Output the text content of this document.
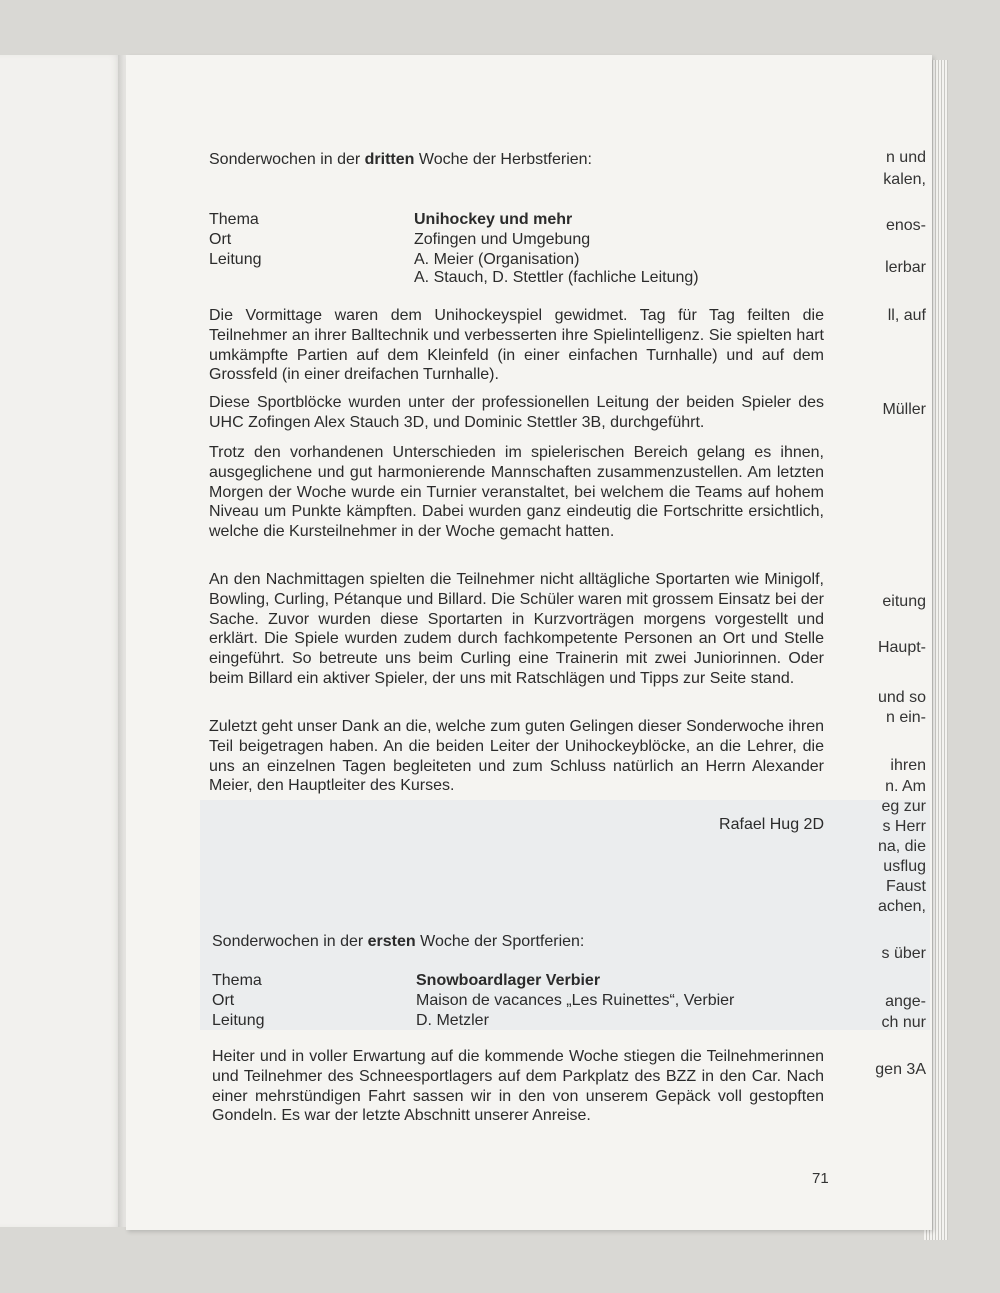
n und
kalen,
enos-
lerbar
ll, auf
Müller
eitung
Haupt-
und so
n ein-
ihren
n. Am
eg zur
s Herr
na, die
usflug
Faust
achen,
s über
ange-
ch nur
gen 3A
Sonderwochen in der dritten Woche der Herbstferien:
Thema
Ort
Leitung
Unihockey und mehr
Zofingen und Umgebung
A. Meier (Organisation)
A. Stauch, D. Stettler (fachliche Leitung)

Die Vormittage waren dem Unihockeyspiel gewidmet. Tag für Tag feilten die Teilnehmer an ihrer Balltechnik und verbesserten ihre Spielintelligenz. Sie spielten hart umkämpfte Partien auf dem Kleinfeld (in einer einfachen Turnhalle) und auf dem Grossfeld (in einer dreifachen Turnhalle).

Diese Sportblöcke wurden unter der professionellen Leitung der beiden Spieler des UHC Zofingen Alex Stauch 3D, und Dominic Stettler 3B, durchgeführt.

Trotz den vorhandenen Unterschieden im spielerischen Bereich gelang es ihnen, ausgeglichene und gut harmonierende Mannschaften zusammenzustellen. Am letzten Morgen der Woche wurde ein Turnier veranstaltet, bei welchem die Teams auf hohem Niveau um Punkte kämpften. Dabei wurden ganz eindeutig die Fortschritte ersichtlich, welche die Kursteilnehmer in der Woche gemacht hatten.

An den Nachmittagen spielten die Teilnehmer nicht alltägliche Sportarten wie Minigolf, Bowling, Curling, Pétanque und Billard. Die Schüler waren mit grossem Einsatz bei der Sache. Zuvor wurden diese Sportarten in Kurzvorträgen morgens vorgestellt und erklärt. Die Spiele wurden zudem durch fachkompetente Personen an Ort und Stelle eingeführt. So betreute uns beim Curling eine Trainerin mit zwei Juniorinnen. Oder beim Billard ein aktiver Spieler, der uns mit Ratschlägen und Tipps zur Seite stand.

Zuletzt geht unser Dank an die, welche zum guten Gelingen dieser Sonderwoche ihren Teil beigetragen haben. An die beiden Leiter der Unihockeyblöcke, an die Lehrer, die uns an einzelnen Tagen begleiteten und zum Schluss natürlich an Herrn Alexander Meier, den Hauptleiter des Kurses.

Rafael Hug 2D
Sonderwochen in der ersten Woche der Sportferien:
Thema
Ort
Leitung
Snowboardlager Verbier
Maison de vacances „Les Ruinettes“, Verbier
D. Metzler

Heiter und in voller Erwartung auf die kommende Woche stiegen die Teilnehmerinnen und Teilnehmer des Schneesportlagers auf dem Parkplatz des BZZ in den Car. Nach einer mehrstündigen Fahrt sassen wir in den von unserem Gepäck voll gestopften Gondeln. Es war der letzte Abschnitt unserer Anreise.

71
